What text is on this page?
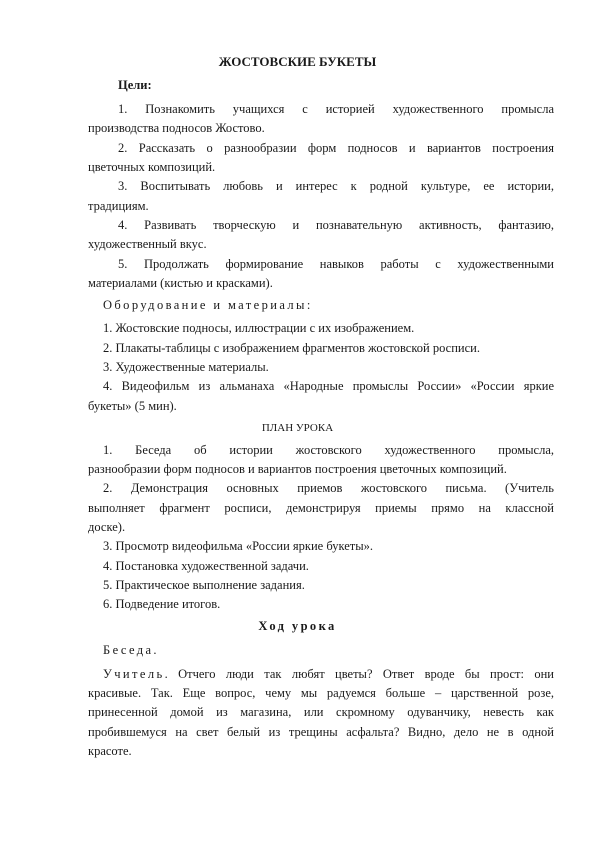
ЖОСТОВСКИЕ БУКЕТЫ
Цели:
1. Познакомить учащихся с историей художественного промысла
производства подносов Жостово.
2. Рассказать о разнообразии форм подносов и вариантов построения
цветочных композиций.
3. Воспитывать любовь и интерес к родной культуре, ее истории,
традициям.
4. Развивать творческую и познавательную активность, фантазию,
художественный вкус.
5. Продолжать формирование навыков работы с художественными
материалами (кистью и красками).
Оборудование и материалы:
1. Жостовские подносы, иллюстрации с их изображением.
2. Плакаты-таблицы с изображением фрагментов жостовской росписи.
3. Художественные материалы.
4. Видеофильм из альманаха «Народные промыслы России» «России яркие
букеты» (5 мин).
ПЛАН УРОКА
1. Беседа об истории жостовского художественного промысла,
разнообразии форм подносов и вариантов построения цветочных композиций.
2. Демонстрация основных приемов жостовского письма. (Учитель
выполняет фрагмент росписи, демонстрируя приемы прямо на классной
доске).
3. Просмотр видеофильма «России яркие букеты».
4. Постановка художественной задачи.
5. Практическое выполнение задания.
6. Подведение итогов.
Ход урока
Беседа.
Учитель. Отчего люди так любят цветы? Ответ вроде бы прост: они
красивые. Так. Еще вопрос, чему мы радуемся больше – царственной розе,
принесенной домой из магазина, или скромному одуванчику, невесть как
пробившемуся на свет белый из трещины асфальта? Видно, дело не в одной
красоте.
